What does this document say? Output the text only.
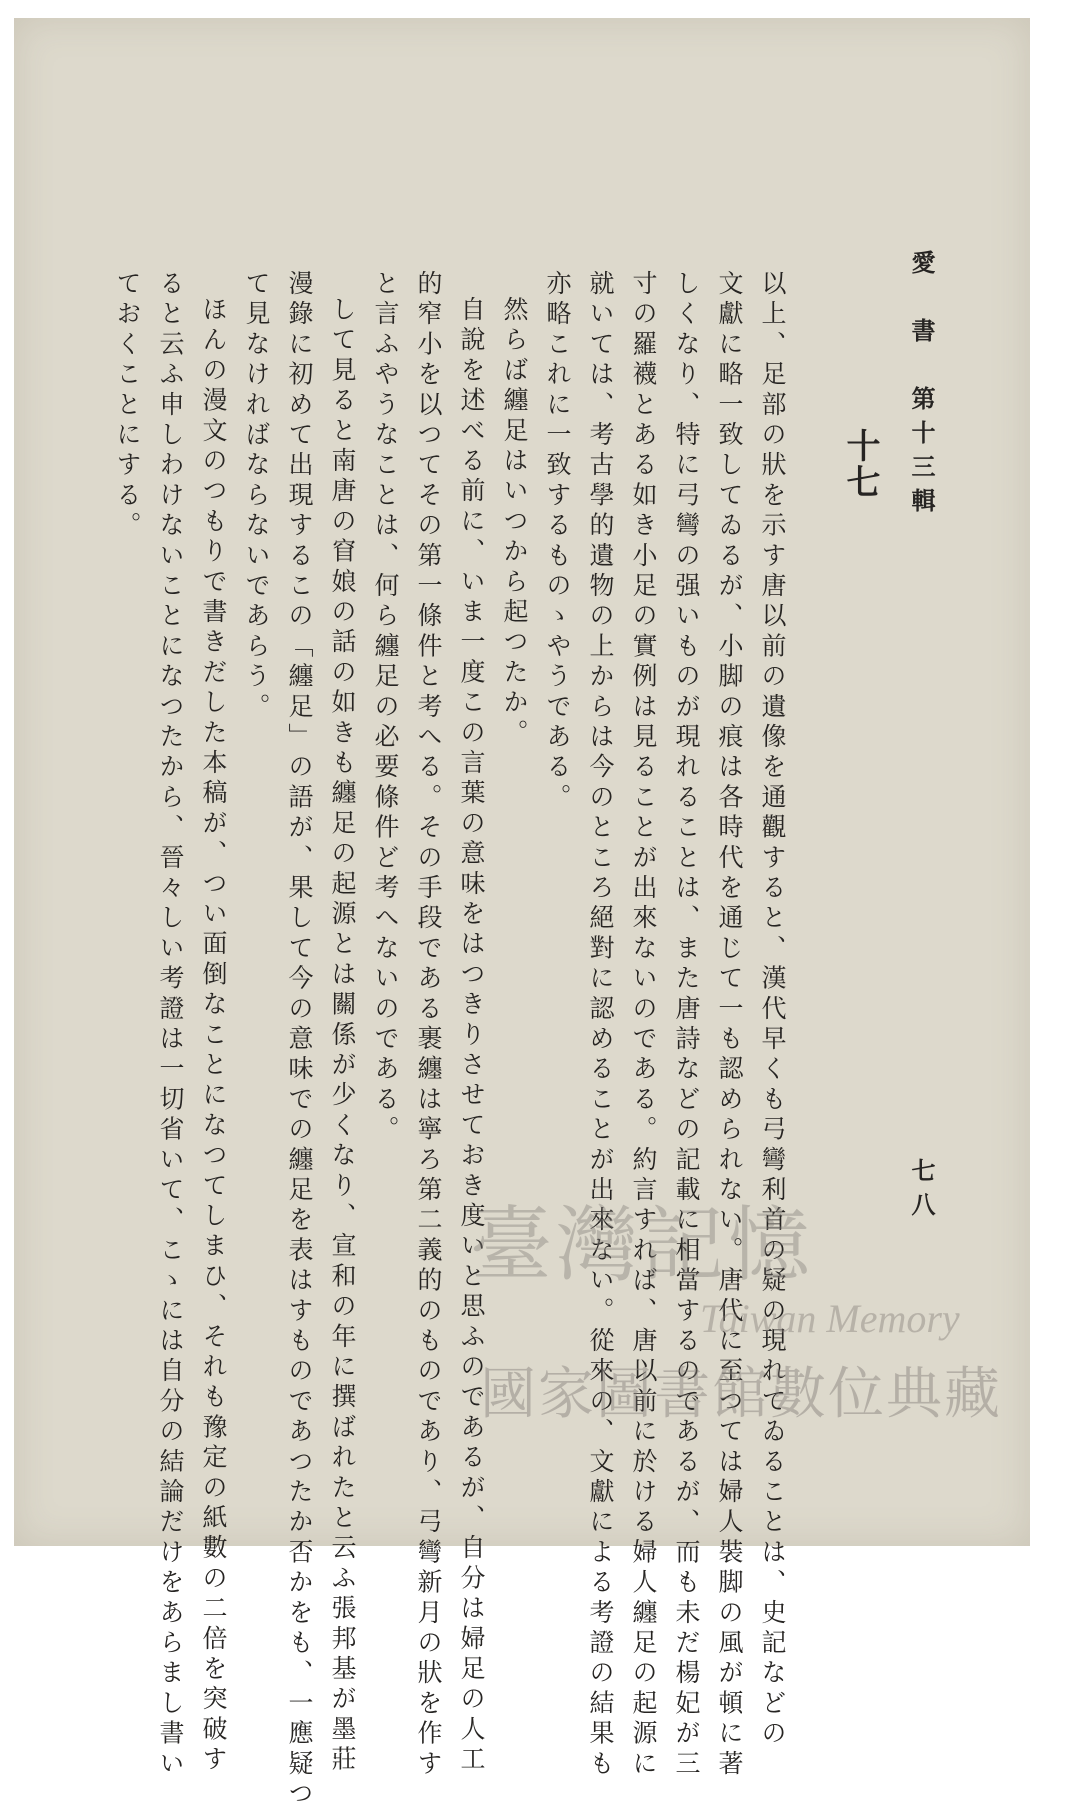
愛　書　第十三輯
七八
十七
以上、足部の狀を示す唐以前の遺像を通觀すると、漢代早くも弓彎利首の疑の現れてゐることは、史記などの
文獻に略一致してゐるが、小脚の痕は各時代を通じて一も認められない。唐代に至つては婦人裝脚の風が頓に著
しくなり、特に弓彎の强いものが現れることは、また唐詩などの記載に相當するのであるが、而も未だ楊妃が三
寸の羅襪とある如き小足の實例は見ることが出來ないのである。約言すれば、唐以前に於ける婦人纏足の起源に
就いては、考古學的遺物の上からは今のところ絕對に認めることが出來ない。從來の、文獻による考證の結果も
亦略これに一致するものゝやうである。
然らば纏足はいつから起つたか。
自說を述べる前に、いま一度この言葉の意味をはつきりさせておき度いと思ふのであるが、自分は婦足の人工
的窄小を以つてその第一條件と考へる。その手段である裹纏は寧ろ第二義的のものであり、弓彎新月の狀を作す
と言ふやうなことは、何ら纏足の必要條件ど考へないのである。
して見ると南唐の窅娘の話の如きも纏足の起源とは關係が少くなり、宣和の年に撰ばれたと云ふ張邦基が墨莊
漫錄に初めて出現するこの「纏足」の語が、果して今の意味での纏足を表はすものであつたか否かをも、一應疑つ
て見なければならないであらう。
ほんの漫文のつもりで書きだした本稿が、つい面倒なことになつてしまひ、それも豫定の紙數の二倍を突破す
ると云ふ申しわけないことになつたから、晉々しい考證は一切省いて、こゝには自分の結論だけをあらまし書い
ておくことにする。
臺灣記憶
Taiwan Memory
國家圖書館數位典藏
